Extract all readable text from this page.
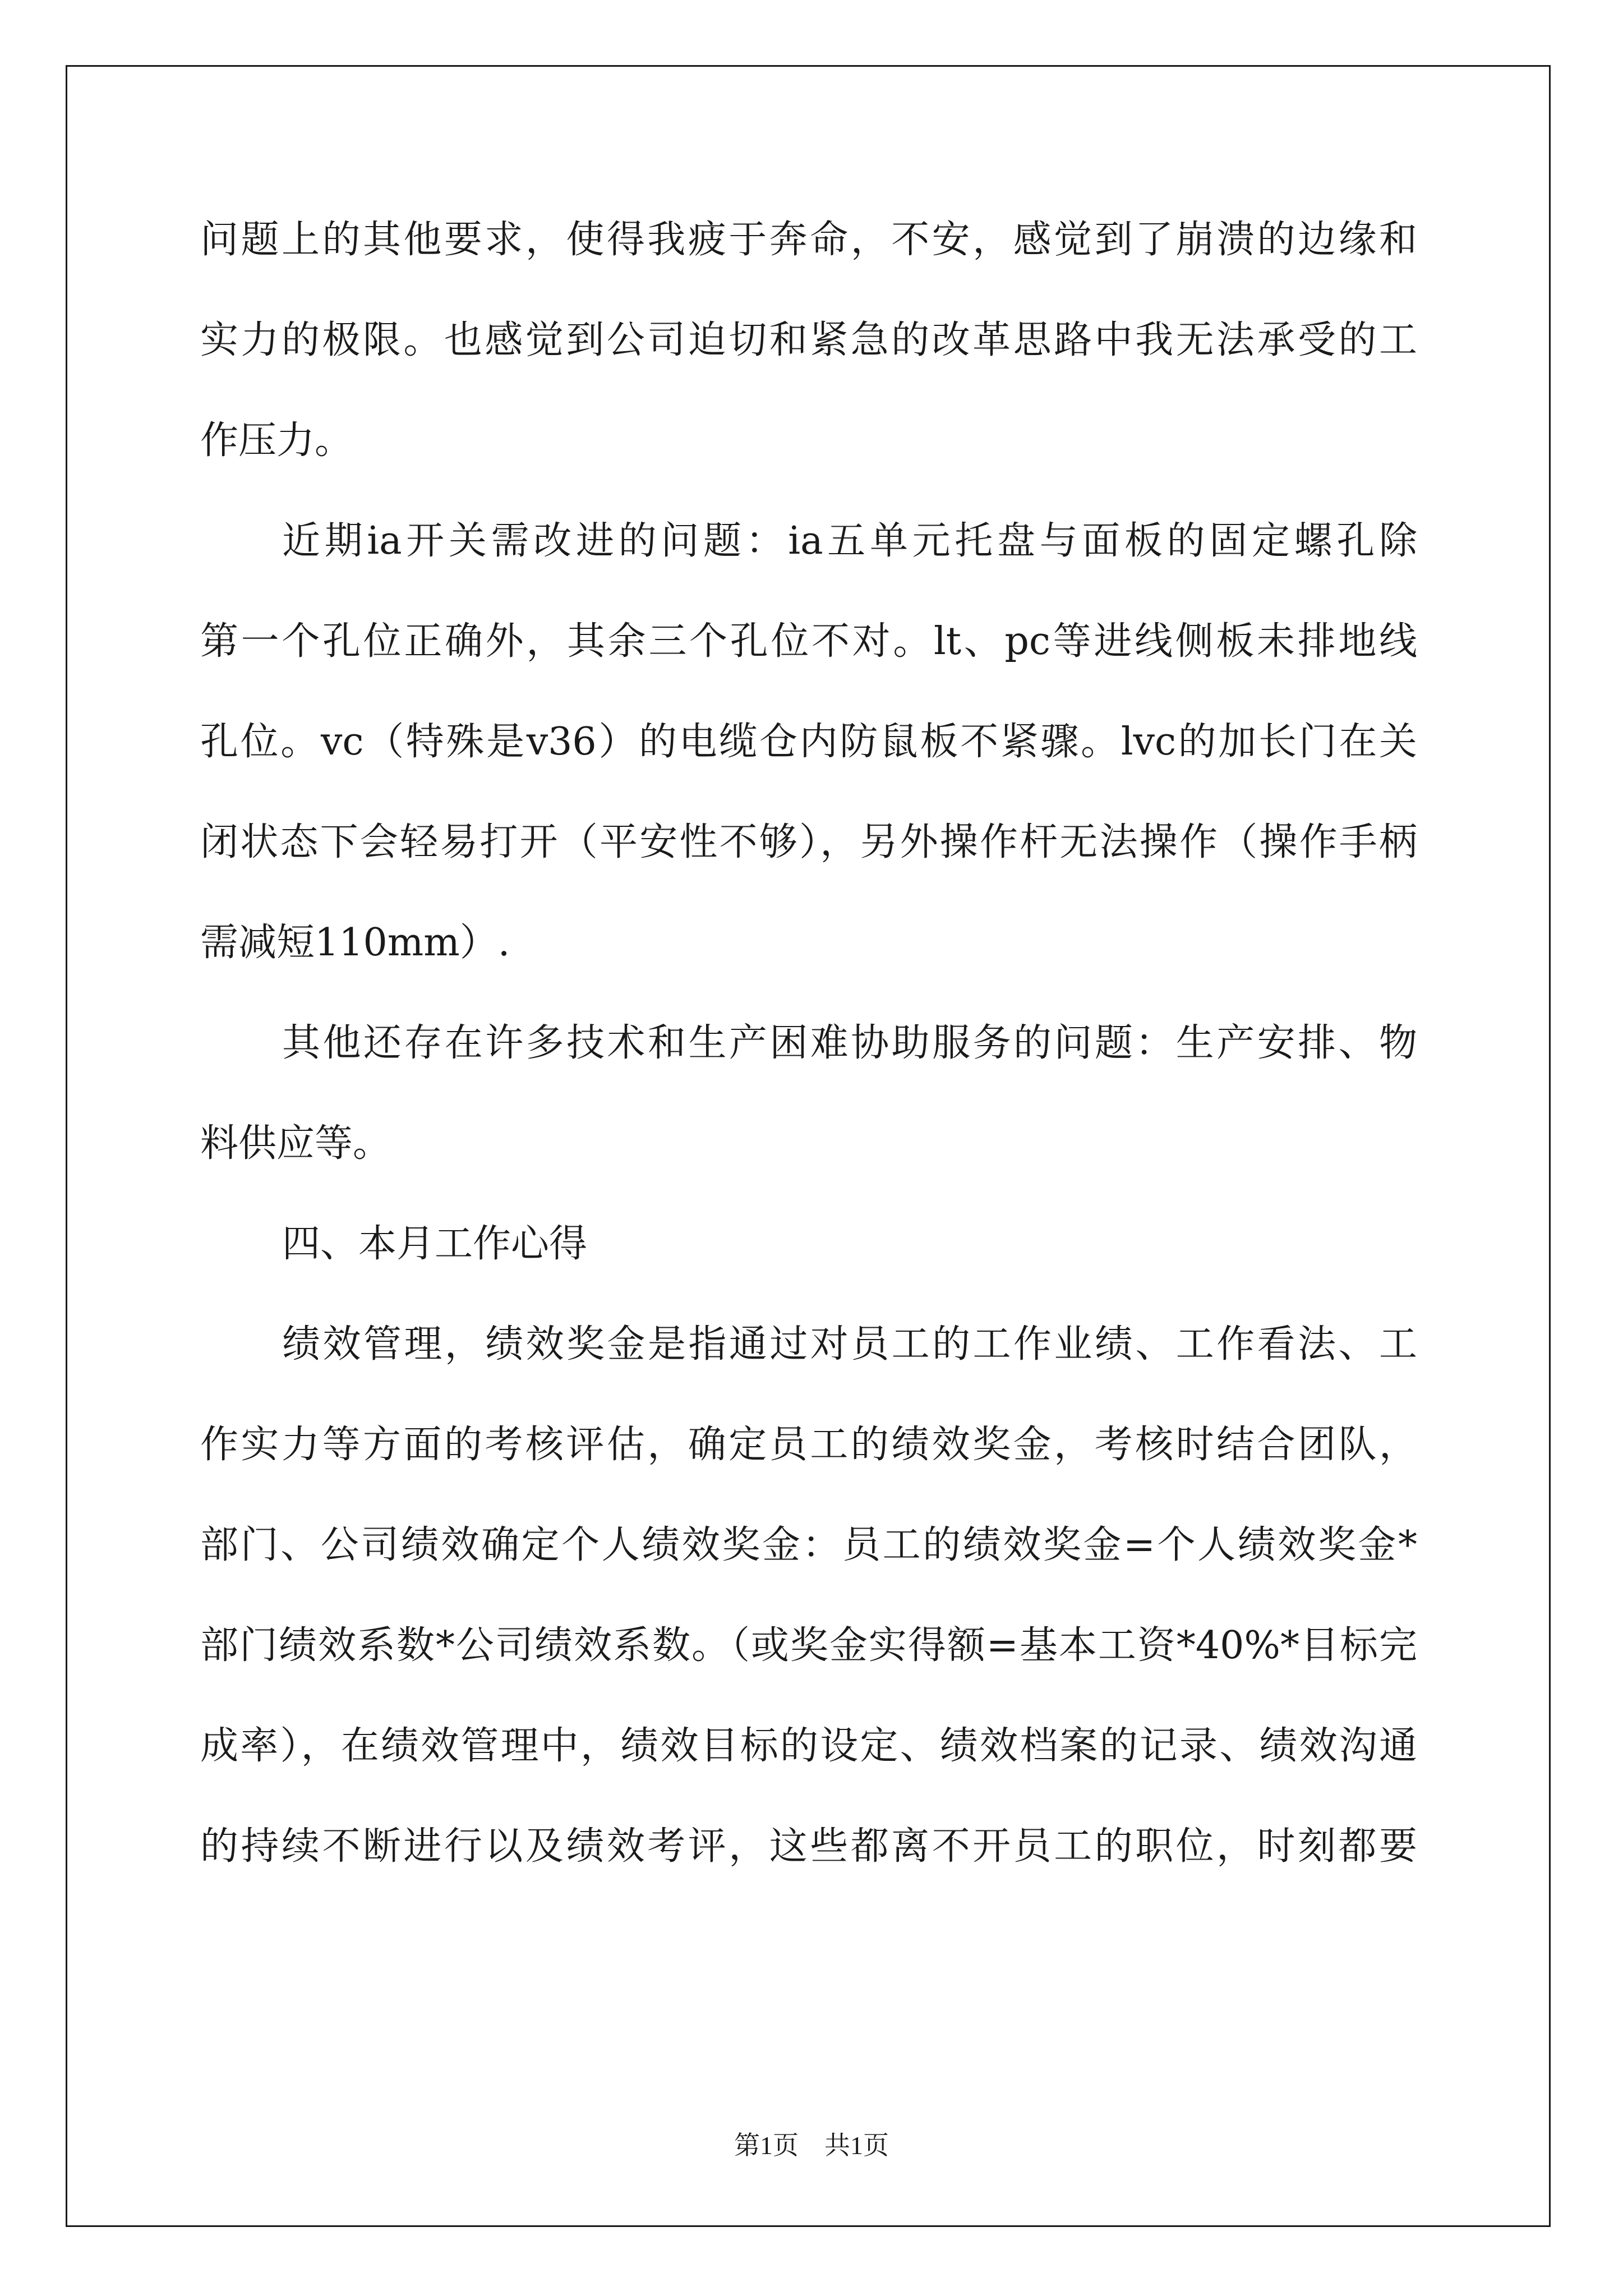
问题上的其他要求，使得我疲于奔命，不安，感觉到了崩溃的边缘和
实力的极限。也感觉到公司迫切和紧急的改革思路中我无法承受的工
作压力。
近期ia开关需改进的问题：ia五单元托盘与面板的固定螺孔除
第一个孔位正确外，其余三个孔位不对。lt、pc等进线侧板未排地线
孔位。vc（特殊是v36）的电缆仓内防鼠板不紧骤。lvc的加长门在关
闭状态下会轻易打开（平安性不够），另外操作杆无法操作（操作手柄
需减短110mm）.
其他还存在许多技术和生产困难协助服务的问题：生产安排、物
料供应等。
四、本月工作心得
绩效管理，绩效奖金是指通过对员工的工作业绩、工作看法、工
作实力等方面的考核评估，确定员工的绩效奖金，考核时结合团队，
部门、公司绩效确定个人绩效奖金：员工的绩效奖金=个人绩效奖金*
部门绩效系数*公司绩效系数。（或奖金实得额=基本工资*40%*目标完
成率），在绩效管理中，绩效目标的设定、绩效档案的记录、绩效沟通
的持续不断进行以及绩效考评，这些都离不开员工的职位，时刻都要
第1页　共1页
